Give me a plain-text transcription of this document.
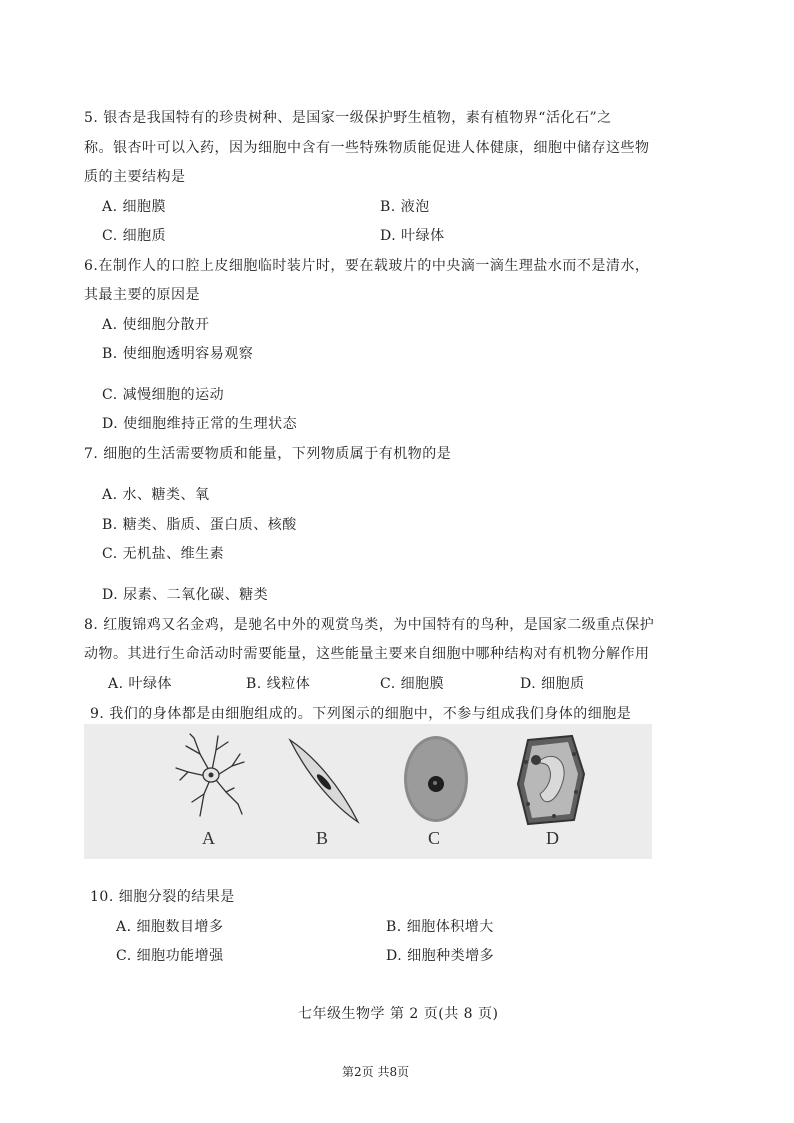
5. 银杏是我国特有的珍贵树种、是国家一级保护野生植物，素有植物界“活化石”之
称。银杏叶可以入药，因为细胞中含有一些特殊物质能促进人体健康，细胞中储存这些物
质的主要结构是
A. 细胞膜	B. 液泡
C. 细胞质	D. 叶绿体
6.在制作人的口腔上皮细胞临时装片时，要在载玻片的中央滴一滴生理盐水而不是清水，
其最主要的原因是
A. 使细胞分散开
B. 使细胞透明容易观察
C. 减慢细胞的运动
D. 使细胞维持正常的生理状态
7. 细胞的生活需要物质和能量，下列物质属于有机物的是
A. 水、糖类、氧
B. 糖类、脂质、蛋白质、核酸
C. 无机盐、维生素
D. 尿素、二氧化碳、糖类
8. 红腹锦鸡又名金鸡，是驰名中外的观赏鸟类，为中国特有的鸟种，是国家二级重点保护
动物。其进行生命活动时需要能量，这些能量主要来自细胞中哪种结构对有机物分解作用
A. 叶绿体	B. 线粒体	C. 细胞膜	D. 细胞质
9. 我们的身体都是由细胞组成的。下列图示的细胞中，不参与组成我们身体的细胞是
A	B	C	D
10. 细胞分裂的结果是
A. 细胞数目增多	B. 细胞体积增大
C. 细胞功能增强	D. 细胞种类增多
七年级生物学 第 2 页(共 8 页)
第2页 共8页
